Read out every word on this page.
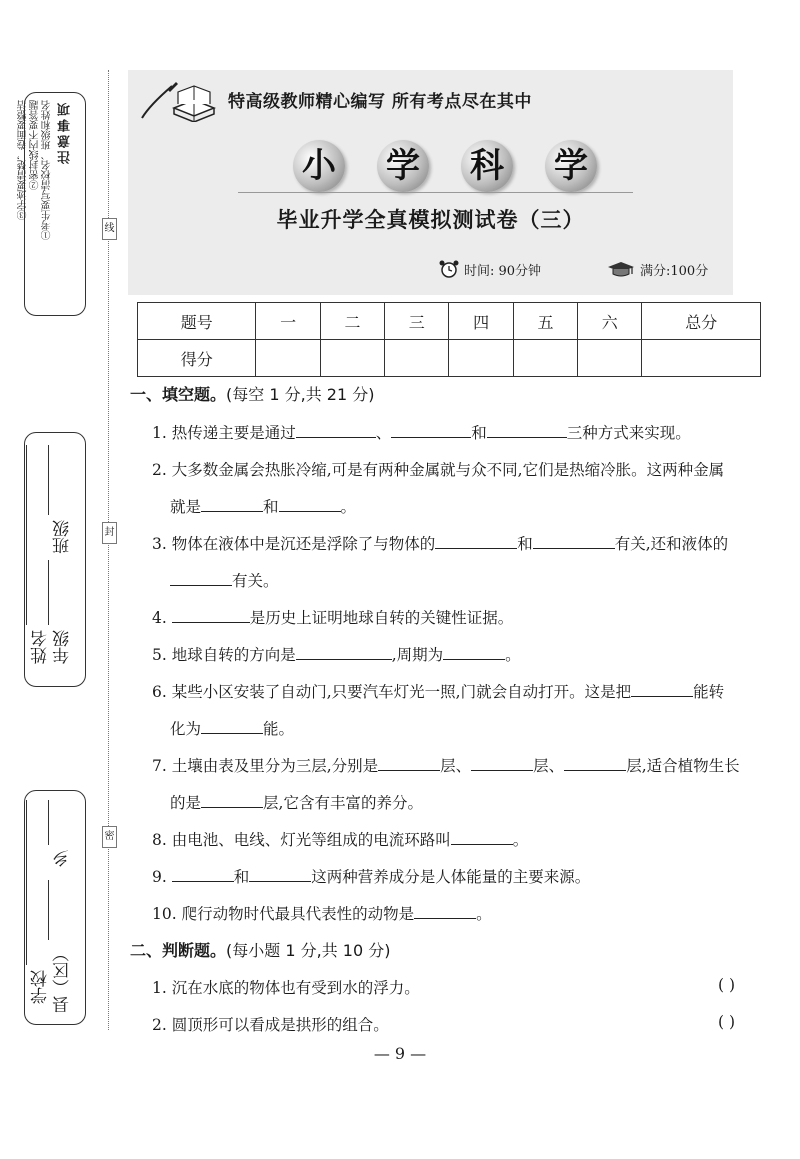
注意事项
①考生要写清校名、班级和姓名
②密封线内不要答题
③字迹要清楚，卷面要整洁
年级
班级
姓名
县（区）
乡
学校
线
封
密
特高级教师精心编写 所有考点尽在其中
小 学 科 学
毕业升学全真模拟测试卷（三）
时间: 90分钟	满分:100分
题号	一	二	三	四	五	六	总分
得分							
一、填空题。(每空 1 分,共 21 分)
1. 热传递主要是通过	、	和	三种方式来实现。
2. 大多数金属会热胀冷缩,可是有两种金属就与众不同,它们是热缩冷胀。这两种金属
就是	和	。
3. 物体在液体中是沉还是浮除了与物体的	和	有关,还和液体的
有关。
4.	是历史上证明地球自转的关键性证据。
5. 地球自转的方向是	,周期为	。
6. 某些小区安装了自动门,只要汽车灯光一照,门就会自动打开。这是把	能转
化为	能。
7. 土壤由表及里分为三层,分别是	层、	层、	层,适合植物生长
的是	层,它含有丰富的养分。
8. 由电池、电线、灯光等组成的电流环路叫	。
9.	和	这两种营养成分是人体能量的主要来源。
10. 爬行动物时代最具代表性的动物是	。
二、判断题。(每小题 1 分,共 10 分)
1. 沉在水底的物体也有受到水的浮力。	( )
2. 圆顶形可以看成是拱形的组合。	( )
— 9 —
